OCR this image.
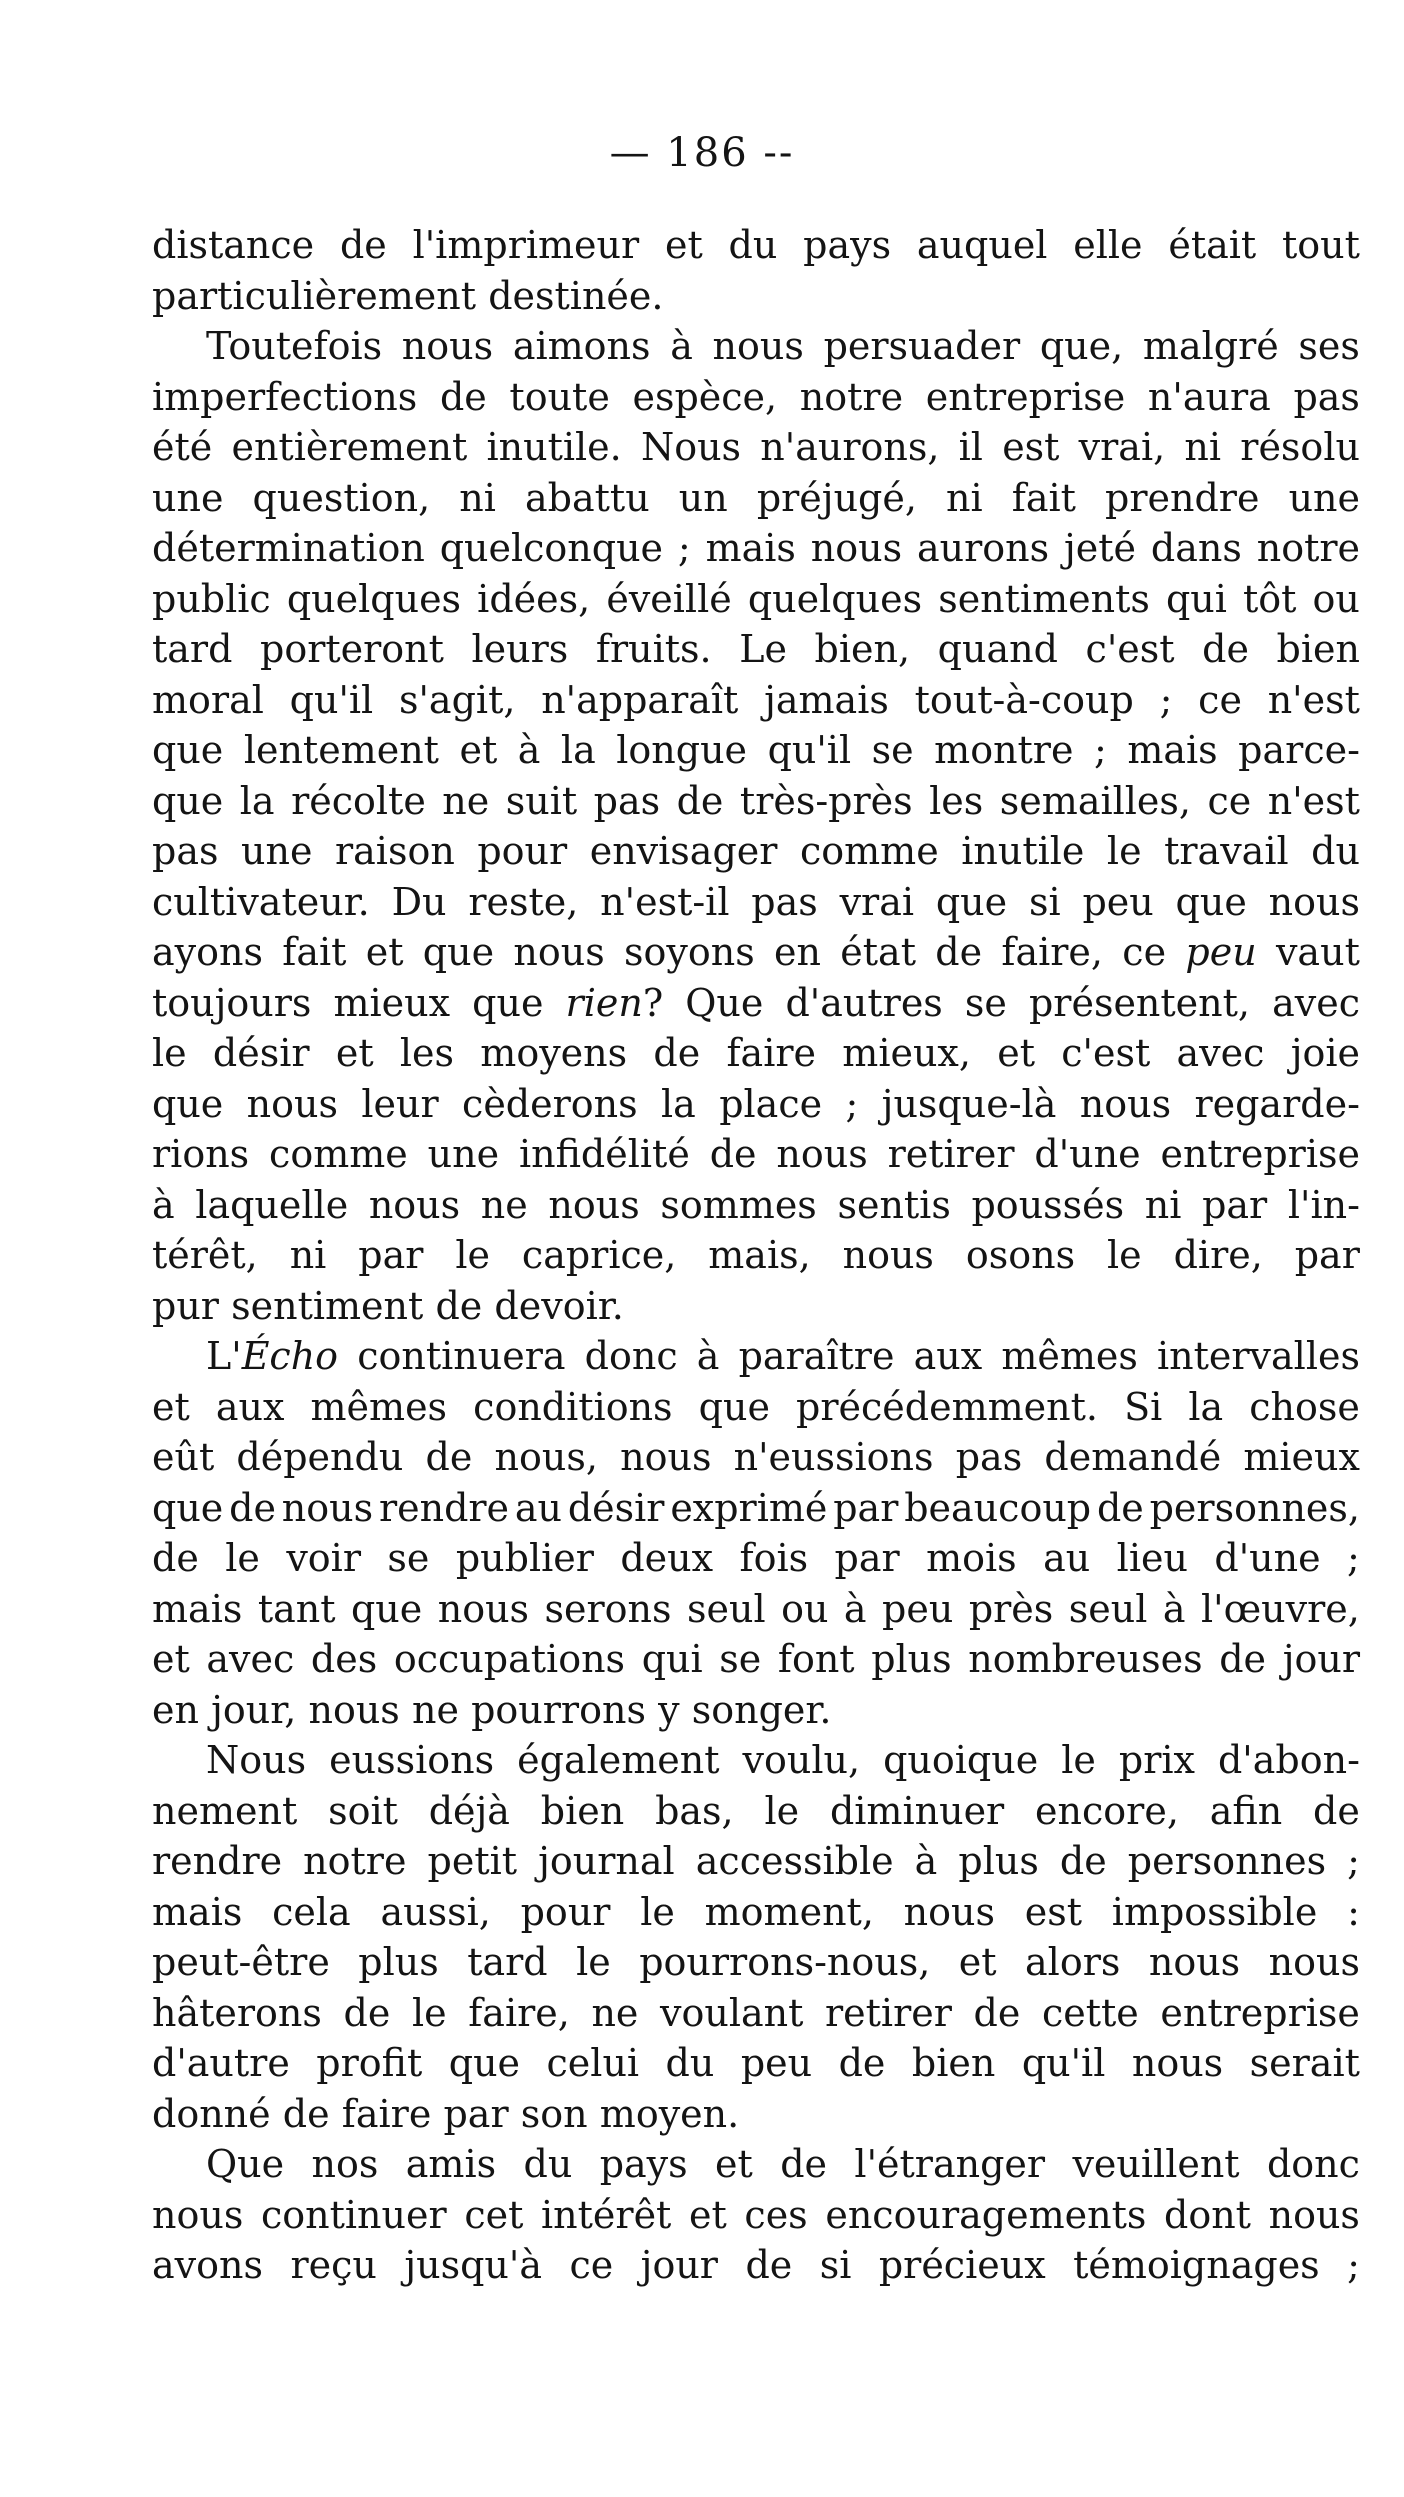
— 186 --
distance de l'imprimeur et du pays auquel elle était tout
particulièrement destinée.
Toutefois nous aimons à nous persuader que, malgré ses
imperfections de toute espèce, notre entreprise n'aura pas
été entièrement inutile. Nous n'aurons, il est vrai, ni résolu
une question, ni abattu un préjugé, ni fait prendre une
détermination quelconque ; mais nous aurons jeté dans notre
public quelques idées, éveillé quelques sentiments qui tôt ou
tard porteront leurs fruits. Le bien, quand c'est de bien
moral qu'il s'agit, n'apparaît jamais tout-à-coup ; ce n'est
que lentement et à la longue qu'il se montre ; mais parce-
que la récolte ne suit pas de très-près les semailles, ce n'est
pas une raison pour envisager comme inutile le travail du
cultivateur. Du reste, n'est-il pas vrai que si peu que nous
ayons fait et que nous soyons en état de faire, ce peu vaut
toujours mieux que rien? Que d'autres se présentent, avec
le désir et les moyens de faire mieux, et c'est avec joie
que nous leur cèderons la place ; jusque-là nous regarde-
rions comme une infidélité de nous retirer d'une entreprise
à laquelle nous ne nous sommes sentis poussés ni par l'in-
térêt, ni par le caprice, mais, nous osons le dire, par
pur sentiment de devoir.
L'Écho continuera donc à paraître aux mêmes intervalles
et aux mêmes conditions que précédemment. Si la chose
eût dépendu de nous, nous n'eussions pas demandé mieux
que de nous rendre au désir exprimé par beaucoup de personnes,
de le voir se publier deux fois par mois au lieu d'une ;
mais tant que nous serons seul ou à peu près seul à l'œuvre,
et avec des occupations qui se font plus nombreuses de jour
en jour, nous ne pourrons y songer.
Nous eussions également voulu, quoique le prix d'abon-
nement soit déjà bien bas, le diminuer encore, afin de
rendre notre petit journal accessible à plus de personnes ;
mais cela aussi, pour le moment, nous est impossible :
peut-être plus tard le pourrons-nous, et alors nous nous
hâterons de le faire, ne voulant retirer de cette entreprise
d'autre profit que celui du peu de bien qu'il nous serait
donné de faire par son moyen.
Que nos amis du pays et de l'étranger veuillent donc
nous continuer cet intérêt et ces encouragements dont nous
avons reçu jusqu'à ce jour de si précieux témoignages ;
